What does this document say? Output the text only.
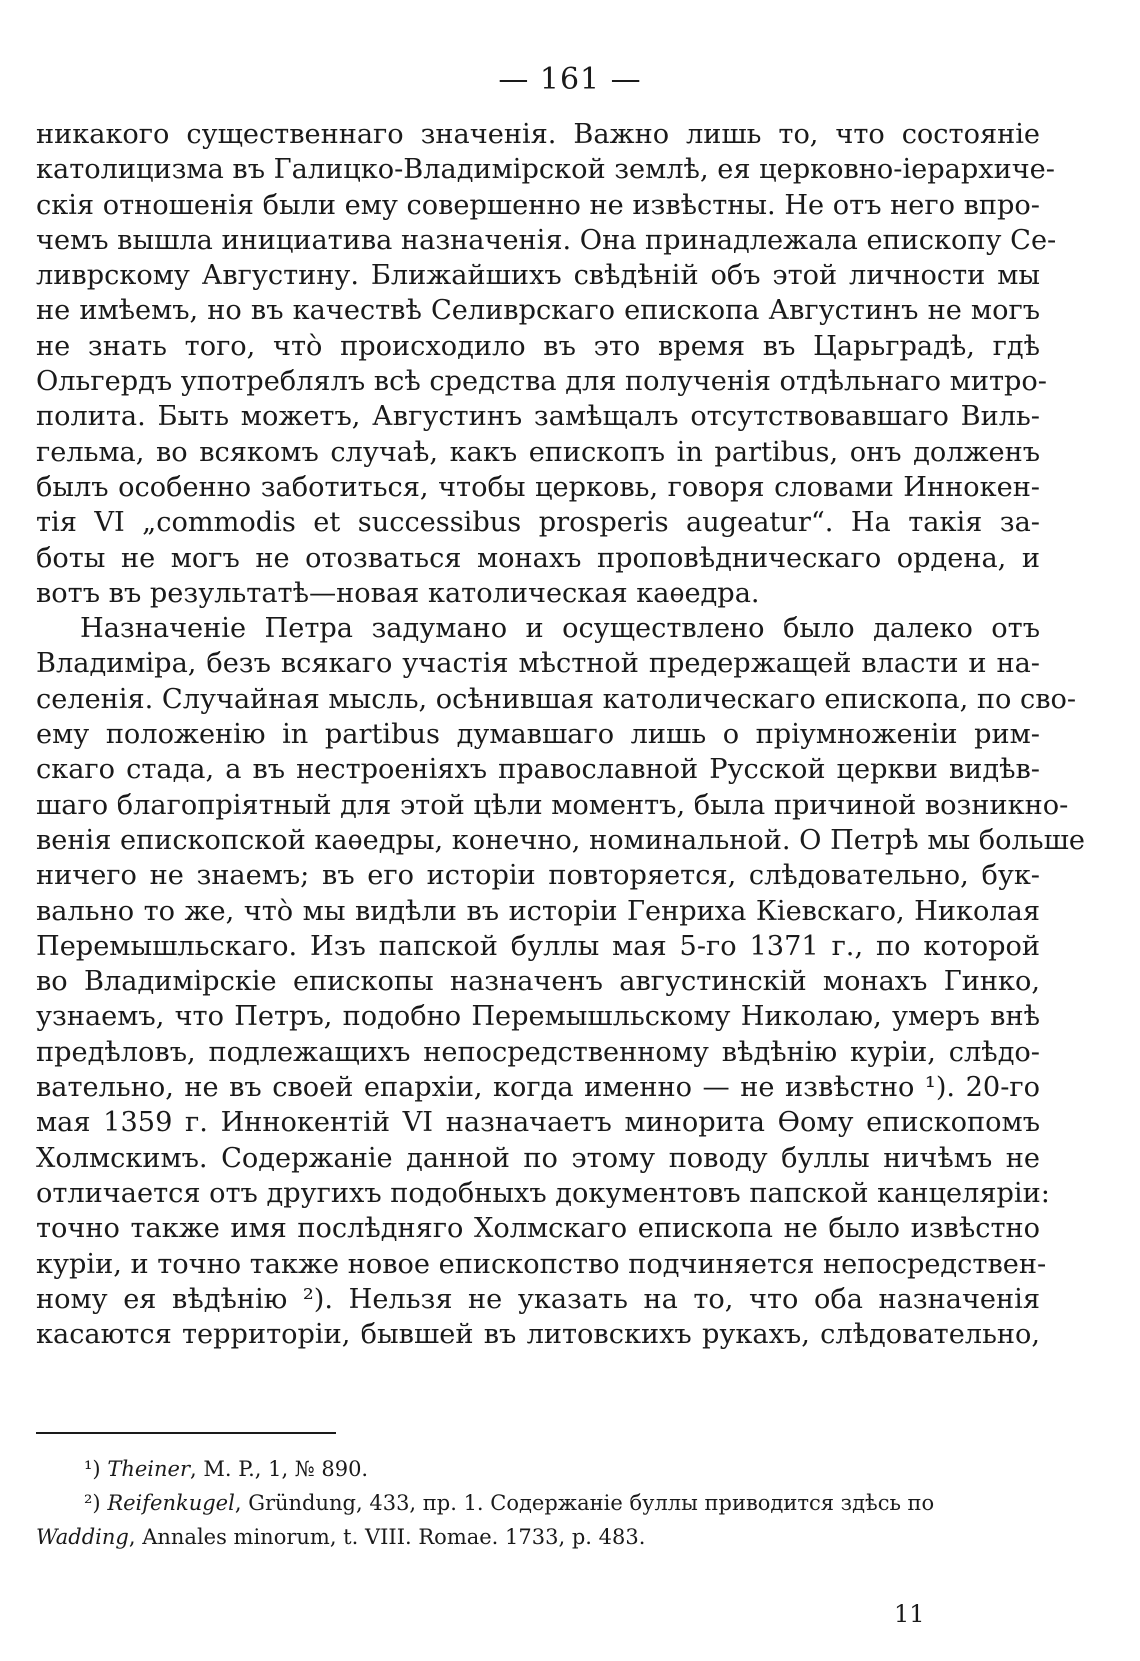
— 161 —
никакого существеннаго значенія. Важно лишь то, что состояніе
католицизма въ Галицко-Владимірской землѣ, ея церковно-іерархиче-
скія отношенія были ему совершенно не извѣстны. Не отъ него впро-
чемъ вышла инициатива назначенія. Она принадлежала епископу Се-
ливрскому Августину. Ближайшихъ свѣдѣній объ этой личности мы
не имѣемъ, но въ качествѣ Селиврскаго епископа Августинъ не могъ
не знать того, что̀ происходило въ это время въ Царьградѣ, гдѣ
Ольгердъ употреблялъ всѣ средства для полученія отдѣльнаго митро-
полита. Быть можетъ, Августинъ замѣщалъ отсутствовавшаго Виль-
гельма, во всякомъ случаѣ, какъ епископъ in partibus, онъ долженъ
былъ особенно заботиться, чтобы церковь, говоря словами Иннокен-
тія VI „commodis et successibus prosperis augeatur“. На такія за-
боты не могъ не отозваться монахъ проповѣдническаго ордена, и
вотъ въ результатѣ—новая католическая каѳедра.
Назначеніе Петра задумано и осуществлено было далеко отъ
Владиміра, безъ всякаго участія мѣстной предержащей власти и на-
селенія. Случайная мысль, осѣнившая католическаго епископа, по сво-
ему положенію in partibus думавшаго лишь о пріумноженіи рим-
скаго стада, а въ нестроеніяхъ православной Русской церкви видѣв-
шаго благопріятный для этой цѣли моментъ, была причиной возникно-
венія епископской каѳедры, конечно, номинальной. О Петрѣ мы больше
ничего не знаемъ; въ его исторіи повторяется, слѣдовательно, бук-
вально то же, что̀ мы видѣли въ исторіи Генриха Кіевскаго, Николая
Перемышльскаго. Изъ папской буллы мая 5-го 1371 г., по которой
во Владимірскіе епископы назначенъ августинскій монахъ Гинко,
узнаемъ, что Петръ, подобно Перемышльскому Николаю, умеръ внѣ
предѣловъ, подлежащихъ непосредственному вѣдѣнію куріи, слѣдо-
вательно, не въ своей епархіи, когда именно — не извѣстно ¹). 20-го
мая 1359 г. Иннокентій VI назначаетъ минорита Ѳому епископомъ
Холмскимъ. Содержаніе данной по этому поводу буллы ничѣмъ не
отличается отъ другихъ подобныхъ документовъ папской канцеляріи:
точно также имя послѣдняго Холмскаго епископа не было извѣстно
куріи, и точно также новое епископство подчиняется непосредствен-
ному ея вѣдѣнію ²). Нельзя не указать на то, что оба назначенія
касаются территоріи, бывшей въ литовскихъ рукахъ, слѣдовательно,
¹) Theiner, M. P., 1, № 890.
²) Reifenkugel, Gründung, 433, пр. 1. Содержаніе буллы приводится здѣсь по
Wadding, Annales minorum, t. VIII. Romae. 1733, p. 483.
11
